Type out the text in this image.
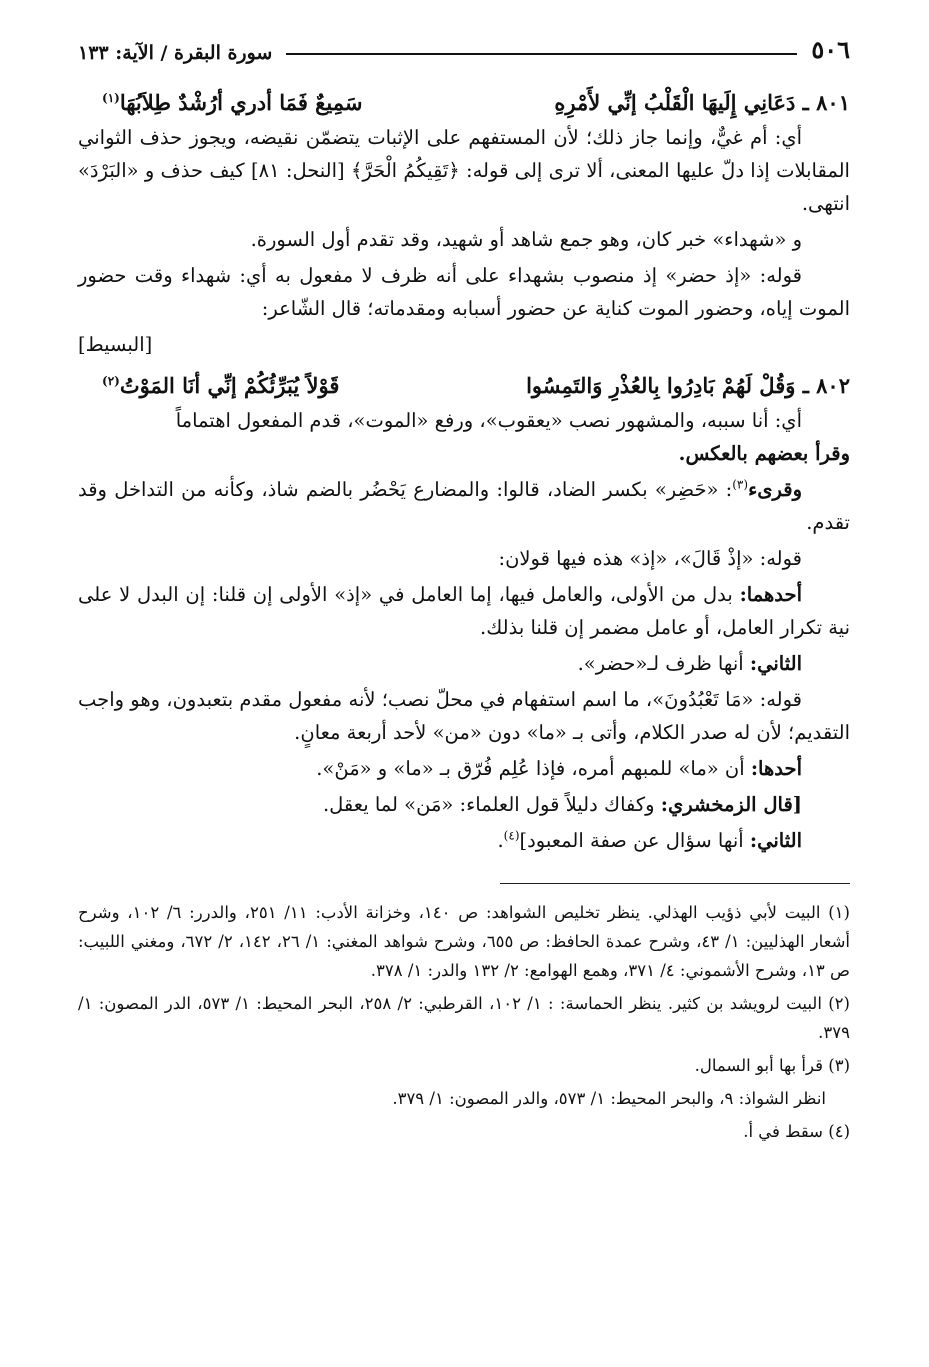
٥٠٦
سورة البقرة / الآية: ١٣٣
٨٠١ ـ دَعَانِي إِلَيهَا الْقَلْبُ إنِّي لأَمْرِهِ
سَمِيعٌ فَمَا أدري أرُشْدٌ طِلاَبُهَا$^{(١)}$

أي: أم غيٌّ، وإنما جاز ذلك؛ لأن المستفهم على الإثبات يتضمّن نقيضه، ويجوز حذف الثواني المقابلات إذا دلّ عليها المعنى، ألا ترى إلى قوله: ﴿تَقِيكُمُ الْحَرَّ﴾ [النحل: ٨١] كيف حذف و «البَرْدَ» انتهى.

و «شهداء» خبر كان، وهو جمع شاهد أو شهيد، وقد تقدم أول السورة.

قوله: «إذ حضر» إذ منصوب بشهداء على أنه ظرف لا مفعول به أي: شهداء وقت حضور الموت إياه، وحضور الموت كناية عن حضور أسبابه ومقدماته؛ قال الشّاعر:

[البسيط]
٨٠٢ ـ وَقُلْ لَهُمْ بَادِرُوا بِالعُذْرِ وَالتَمِسُوا
قَوْلاً يُبَرِّئُكُمْ إنِّي أنَا المَوْتُ$^{(٢)}$

أي: أنا سببه، والمشهور نصب «يعقوب»، ورفع «الموت»، قدم المفعول اهتماماً
وقرأ بعضهم بالعكس.

وقرىء$^{(٣)}$: «حَضِر» بكسر الضاد، قالوا: والمضارع يَحْضُر بالضم شاذ، وكأنه من التداخل وقد تقدم.

قوله: «إذْ قَالَ»، «إذ» هذه فيها قولان:

أحدهما: بدل من الأولى، والعامل فيها، إما العامل في «إذ» الأولى إن قلنا: إن البدل لا على نية تكرار العامل، أو عامل مضمر إن قلنا بذلك.

الثاني: أنها ظرف لـ«حضر».

قوله: «مَا تَعْبُدُونَ»، ما اسم استفهام في محلّ نصب؛ لأنه مفعول مقدم بتعبدون، وهو واجب التقديم؛ لأن له صدر الكلام، وأتى بـ «ما» دون «من» لأحد أربعة معانٍ.

أحدها: أن «ما» للمبهم أمره، فإذا عُلِم فُرّق بـ «ما» و «مَنْ».

[قال الزمخشري: وكفاك دليلاً قول العلماء: «مَن» لما يعقل.

الثاني: أنها سؤال عن صفة المعبود]$^{(٤)}$.

(١) البيت لأبي ذؤيب الهذلي. ينظر تخليص الشواهد: ص ١٤٠، وخزانة الأدب: ١١/ ٢٥١، والدرر: ٦/ ١٠٢، وشرح أشعار الهذليين: ١/ ٤٣، وشرح عمدة الحافظ: ص ٦٥٥، وشرح شواهد المغني: ١/ ٢٦، ١٤٢، ٢/ ٦٧٢، ومغني اللبيب: ص ١٣، وشرح الأشموني: ٤/ ٣٧١، وهمع الهوامع: ٢/ ١٣٢ والدر: ١/ ٣٧٨.

(٢) البيت لرويشد بن كثير. ينظر الحماسة: : ١/ ١٠٢، القرطبي: ٢/ ٢٥٨، البحر المحيط: ١/ ٥٧٣، الدر المصون: ١/ ٣٧٩.

(٣) قرأ بها أبو السمال.

انظر الشواذ: ٩، والبحر المحيط: ١/ ٥٧٣، والدر المصون: ١/ ٣٧٩.

(٤) سقط في أ.
